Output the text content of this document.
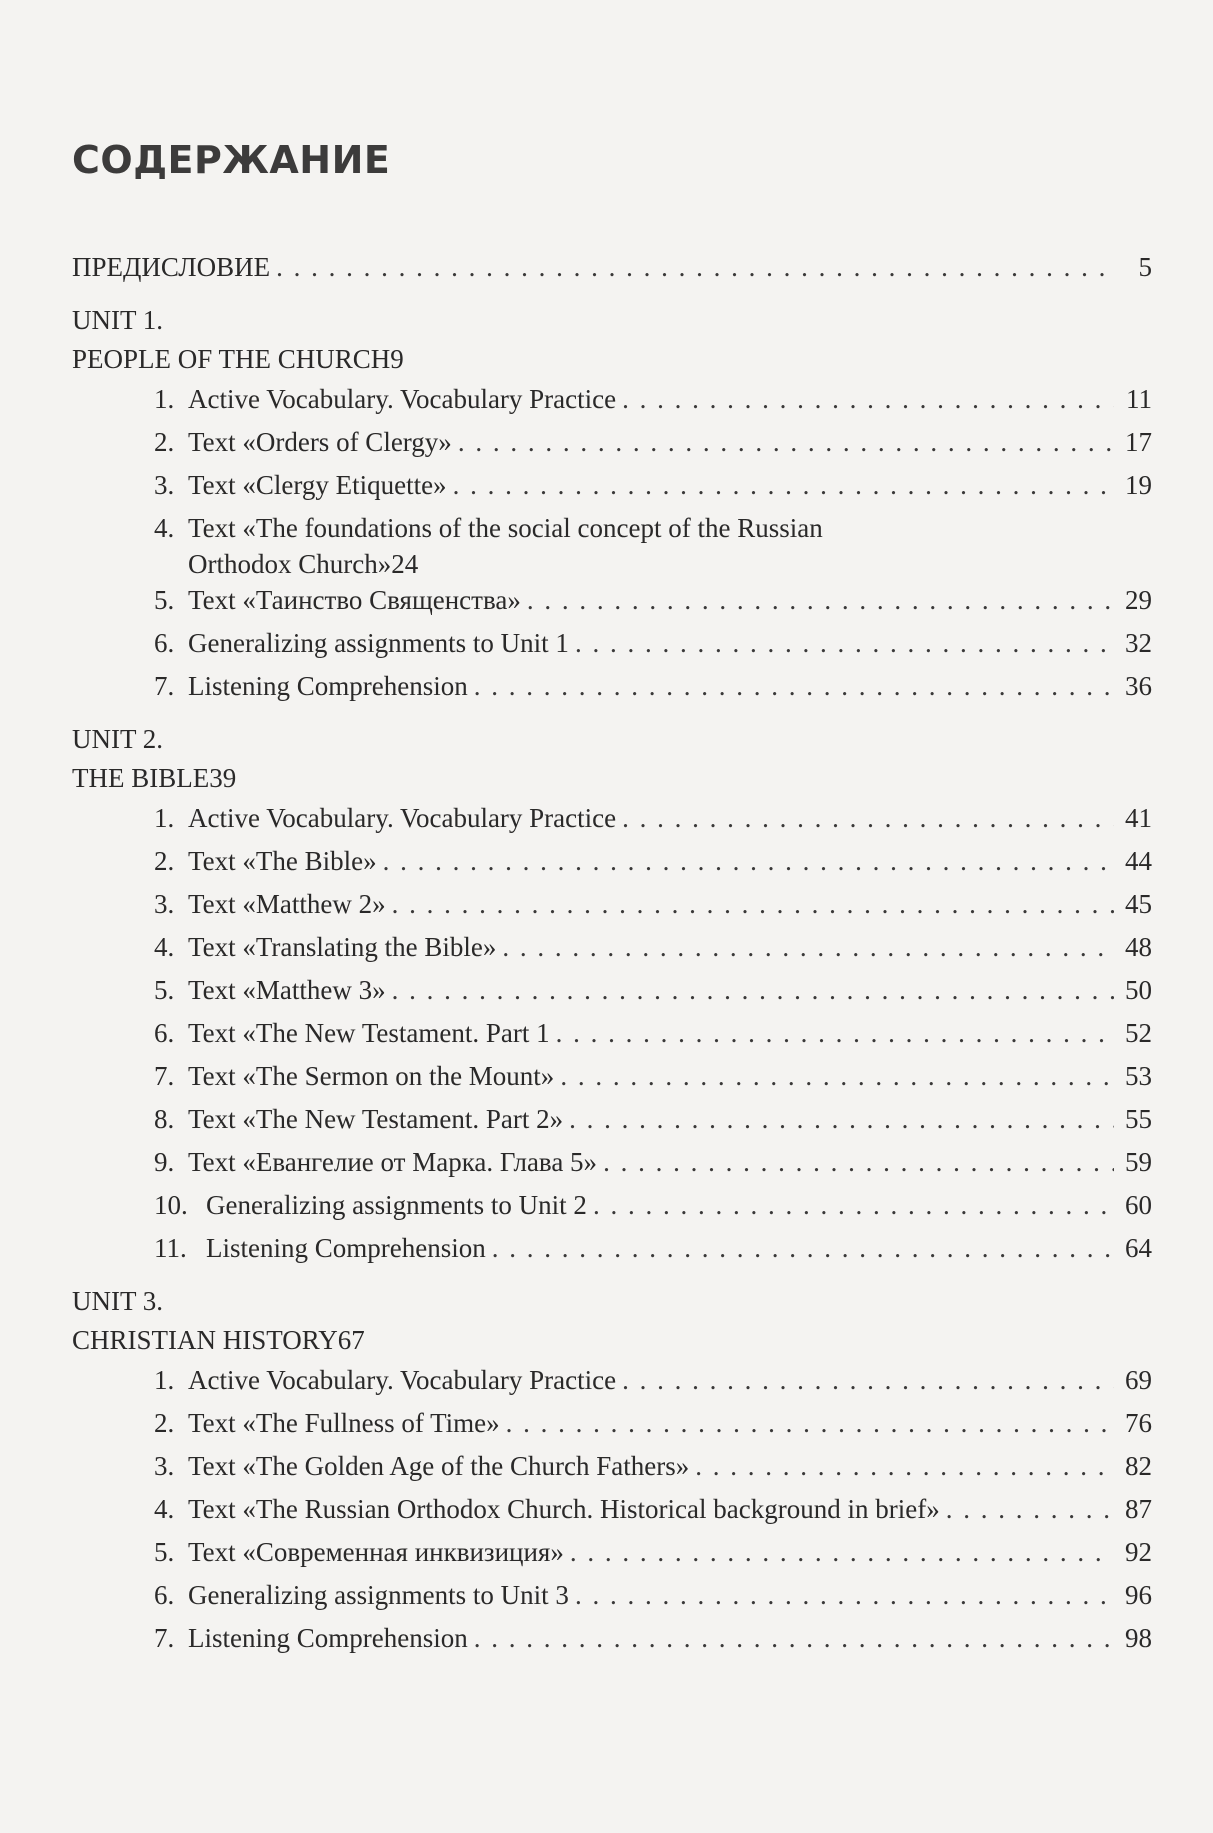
СОДЕРЖАНИЕ
ПРЕДИСЛОВИЕ . . .	5
UNIT 1.
PEOPLE OF THE CHURCH 9
1. Active Vocabulary. Vocabulary Practice . . .	11
2. Text «Orders of Clergy» . . .	17
3. Text «Clergy Etiquette» . . .	19
4. Text «The foundations of the social concept of the Russian
Orthodox Church» 24
5. Text «Таинство Священства» . . .	29
6. Generalizing assignments to Unit 1 . . .	32
7. Listening Comprehension . . .	36
UNIT 2.
THE BIBLE 39
1. Active Vocabulary. Vocabulary Practice . . .	41
2. Text «The Bible» . . .	44
3. Text «Matthew 2» . . .	45
4. Text «Translating the Bible» . . .	48
5. Text «Matthew 3» . . .	50
6. Text «The New Testament. Part 1 . . .	52
7. Text «The Sermon on the Mount» . . .	53
8. Text «The New Testament. Part 2» . . .	55
9. Text «Евангелие от Марка. Глава 5» . . .	59
10. Generalizing assignments to Unit 2 . . .	60
11. Listening Comprehension . . .	64
UNIT 3.
CHRISTIAN HISTORY 67
1. Active Vocabulary. Vocabulary Practice . . .	69
2. Text «The Fullness of Time» . . .	76
3. Text «The Golden Age of the Church Fathers» . . .	82
4. Text «The Russian Orthodox Church. Historical background in brief» . . .	87
5. Text «Современная инквизиция» . . .	92
6. Generalizing assignments to Unit 3 . . .	96
7. Listening Comprehension . . .	98
